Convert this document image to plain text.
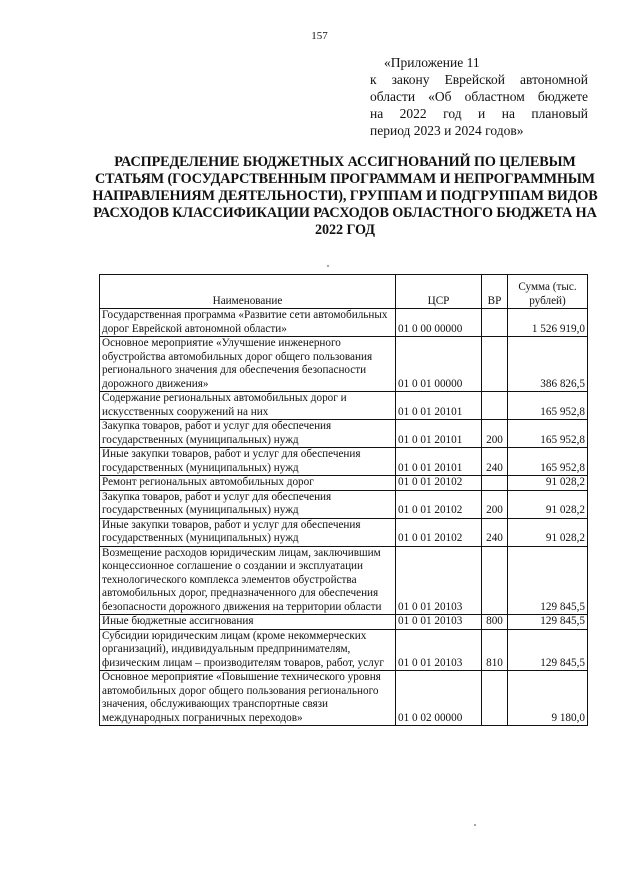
157
«Приложение 11
к закону Еврейской автономной
области «Об областном бюджете
на 2022 год и на плановый
период 2023 и 2024 годов»
РАСПРЕДЕЛЕНИЕ БЮДЖЕТНЫХ АССИГНОВАНИЙ ПО ЦЕЛЕВЫМ СТАТЬЯМ (ГОСУДАРСТВЕННЫМ ПРОГРАММАМ И НЕПРОГРАММНЫМ НАПРАВЛЕНИЯМ ДЕЯТЕЛЬНОСТИ), ГРУППАМ И ПОДГРУППАМ ВИДОВ РАСХОДОВ КЛАССИФИКАЦИИ РАСХОДОВ ОБЛАСТНОГО БЮДЖЕТА НА 2022 ГОД
Наименование	ЦСР	ВР	Сумма (тыс. рублей)
Государственная программа «Развитие сети автомобильных дорог Еврейской автономной области»	01 0 00 00000		1 526 919,0
Основное мероприятие «Улучшение инженерного обустройства автомобильных дорог общего пользования регионального значения для обеспечения безопасности дорожного движения»	01 0 01 00000		386 826,5
Содержание региональных автомобильных дорог и искусственных сооружений на них	01 0 01 20101		165 952,8
Закупка товаров, работ и услуг для обеспечения государственных (муниципальных) нужд	01 0 01 20101	200	165 952,8
Иные закупки товаров, работ и услуг для обеспечения государственных (муниципальных) нужд	01 0 01 20101	240	165 952,8
Ремонт региональных автомобильных дорог	01 0 01 20102		91 028,2
Закупка товаров, работ и услуг для обеспечения государственных (муниципальных) нужд	01 0 01 20102	200	91 028,2
Иные закупки товаров, работ и услуг для обеспечения государственных (муниципальных) нужд	01 0 01 20102	240	91 028,2
Возмещение расходов юридическим лицам, заключившим концессионное соглашение о создании и эксплуатации технологического комплекса элементов обустройства автомобильных дорог, предназначенного для обеспечения безопасности дорожного движения на территории области	01 0 01 20103		129 845,5
Иные бюджетные ассигнования	01 0 01 20103	800	129 845,5
Субсидии юридическим лицам (кроме некоммерческих организаций), индивидуальным предпринимателям, физическим лицам – производителям товаров, работ, услуг	01 0 01 20103	810	129 845,5
Основное мероприятие «Повышение технического уровня автомобильных дорог общего пользования регионального значения, обслуживающих транспортные связи международных пограничных переходов»	01 0 02 00000		9 180,0
